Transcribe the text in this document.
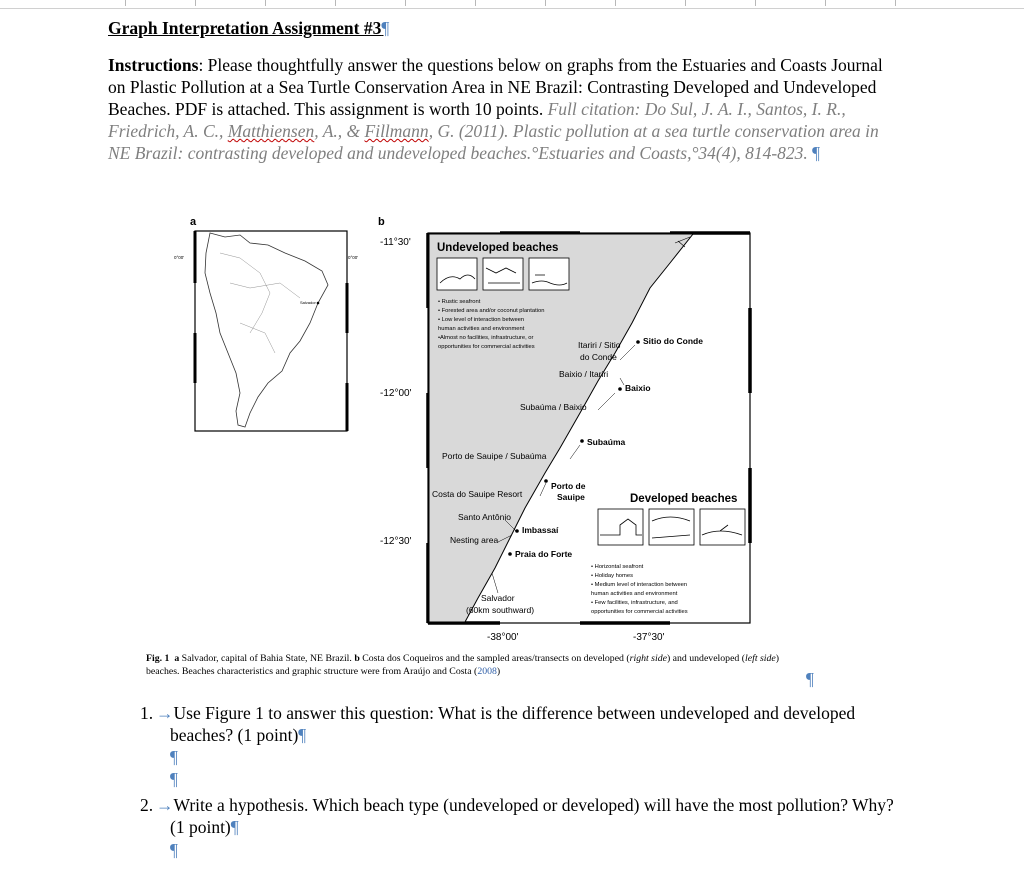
Graph Interpretation Assignment #3¶
Instructions: Please thoughtfully answer the questions below on graphs from the Estuaries and Coasts Journal on Plastic Pollution at a Sea Turtle Conservation Area in NE Brazil: Contrasting Developed and Undeveloped Beaches. PDF is attached. This assignment is worth 10 points. Full citation: Do Sul, J. A. I., Santos, I. R., Friedrich, A. C., Matthiensen, A., & Fillmann, G. (2011). Plastic pollution at a sea turtle conservation area in NE Brazil: contrasting developed and undeveloped beaches.°Estuaries and Coasts,°34(4), 814-823. ¶
a
0°00'	0°00'
Salvador
b
-11°30'
-12°00'
-12°30'
-38°00'	-37°30'
Undeveloped beaches
• Rustic seafront
• Forested area and/or coconut plantation
• Low level of interaction between
human activities and environment
•Almost no facilities, infrastructure, or
opportunities for commercial activities
Developed beaches
• Horizontal seafront
• Holiday homes
• Medium level of interaction between
human activities and environment
• Few facilities, infrastructure, and
opportunities for commercial activities
Sitio do Conde
Itariri / Sitio
do Conde
Baixio / Itariri
Baixio
Subaúma / Baixio
Subaúma
Porto de Sauipe / Subaúma
Porto de
Sauipe
Costa do Sauipe Resort
Santo Antônio
Imbassaí
Nesting area
Praia do Forte
Salvador
(60km southward)
Fig. 1 a Salvador, capital of Bahia State, NE Brazil. b Costa dos Coqueiros and the sampled areas/transects on developed (right side) and undeveloped (left side) beaches. Beaches characteristics and graphic structure were from Araújo and Costa (2008)	¶
1. →Use Figure 1 to answer this question: What is the difference between undeveloped and developed beaches? (1 point)¶
¶
¶
2. →Write a hypothesis. Which beach type (undeveloped or developed) will have the most pollution? Why? (1 point)¶
¶
